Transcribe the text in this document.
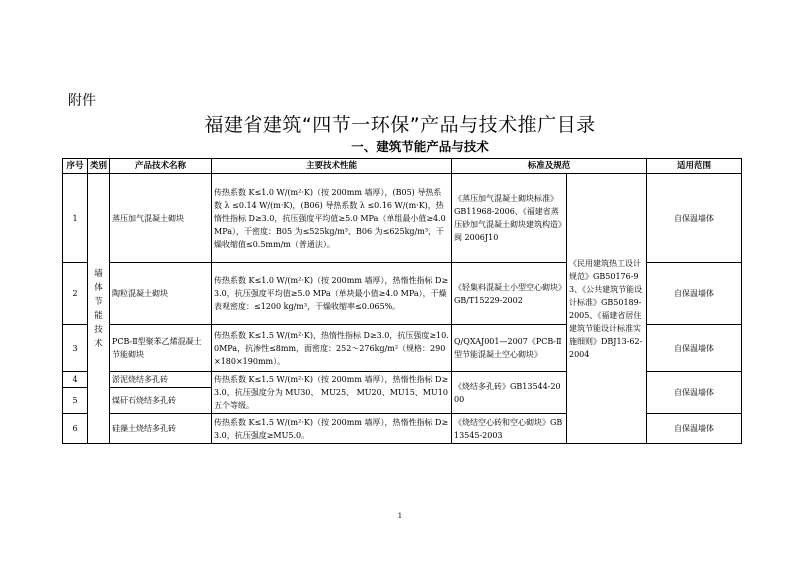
附件
福建省建筑“四节一环保”产品与技术推广目录
一、建筑节能产品与技术
序号	类别	产品技术名称	主要技术性能	标准及规范		适用范围
1	墙体节能技术	蒸压加气混凝土砌块	传热系数 K≤1.0 W/(m²·K)（按 200mm 墙厚），(B05) 导热系数 λ ≤0.14 W/(m·K)，(B06) 导热系数 λ ≤0.16 W/(m·K)，热惰性指标 D≥3.0，抗压强度平均值≥5.0 MPa（单组最小值≥4.0 MPa），干密度：B05 为≤525kg/m³、B06 为≤625kg/m³，干燥收缩值≤0.5mm/m（普通法）。	《蒸压加气混凝土砌块标准》 GB11968-2006、《福建省蒸压砂加气混凝土砌块建筑构造》闽 2006J10	《民用建筑热工设计规范》GB50176-93、《公共建筑节能设计标准》GB50189-2005、《福建省居住建筑节能设计标准实施细则》DBJ13-62-2004	自保温墙体
2		陶粒混凝土砌块	传热系数 K≤1.0 W/(m²·K)（按 200mm 墙厚），热惰性指标 D≥3.0，抗压强度平均值≥5.0 MPa（单块最小值≥4.0 MPa），干燥表观密度：≤1200 kg/m³，干燥收缩率≤0.065%。	《轻集料混凝土小型空心砌块》GB/T15229-2002		自保温墙体
3		PCB-Ⅱ型聚苯乙烯混凝土节能砌块	传热系数 K≤1.5 W/(m²·K)，热惰性指标 D≥3.0，抗压强度≥10.0MPa，抗渗性≤8mm，面密度：252～276kg/m²（规格：290×180×190mm）。	Q/QXAJ001—2007《PCB-Ⅱ型节能混凝土空心砌块》		自保温墙体
4		淤泥烧结多孔砖	传热系数 K≤1.5 W/(m²·K)（按 200mm 墙厚），热惰性指标 D≥3.0，抗压强度分为 MU30、 MU25、 MU20、MU15、MU10 五个等级。	《烧结多孔砖》GB13544-2000		自保温墙体
5		煤矸石烧结多孔砖				
6		硅藻土烧结多孔砖	传热系数 K≤1.5 W/(m²·K)（按 200mm 墙厚），热惰性指标 D≥3.0，抗压强度≥MU5.0。	《烧结空心砖和空心砌块》GB13545-2003		自保温墙体
1
